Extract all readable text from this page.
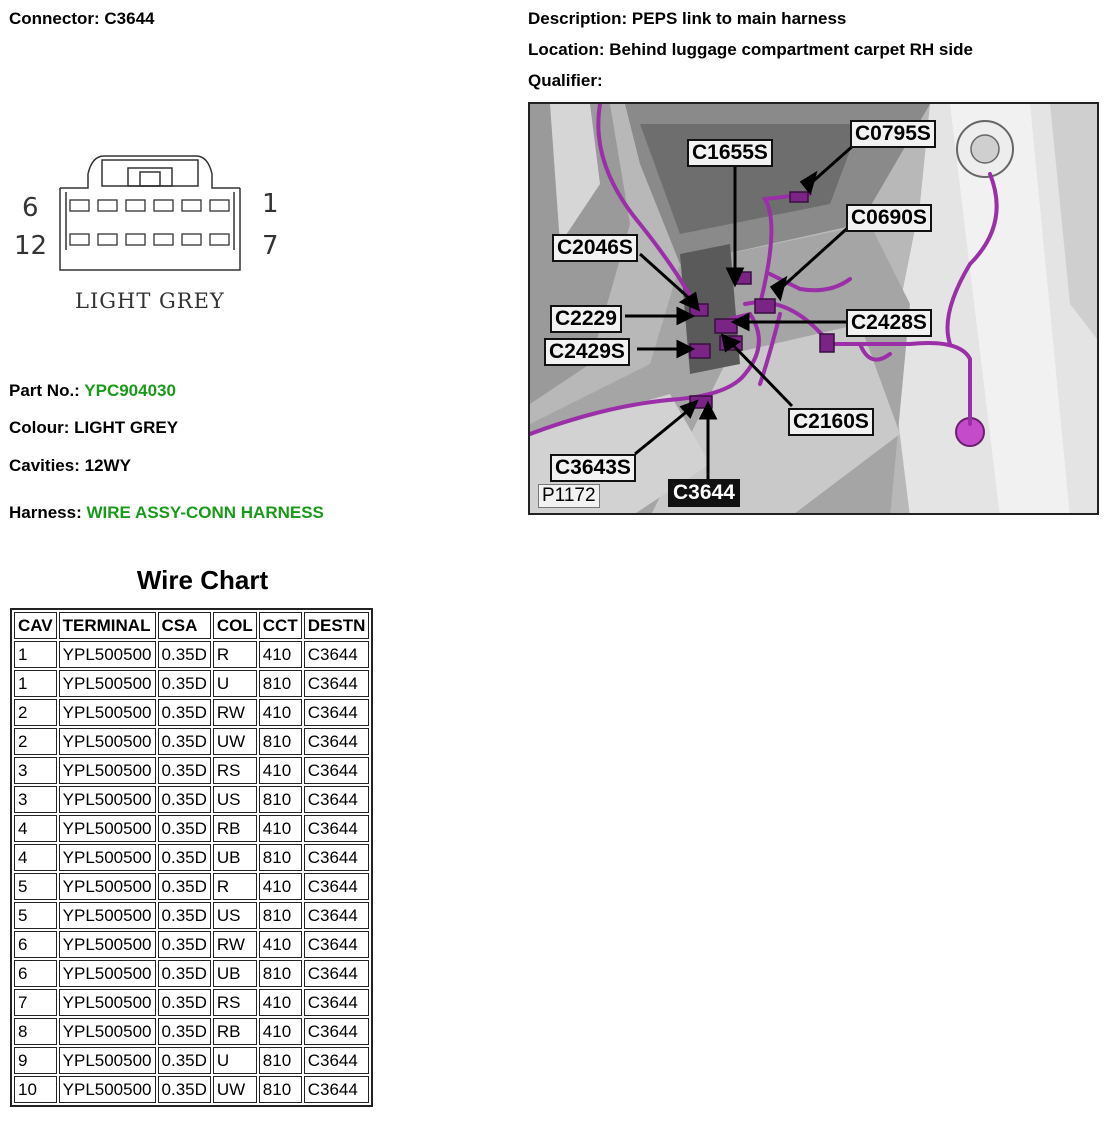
Connector: C3644
6
12
1
7
LIGHT GREY
Part No.: YPC904030
Colour: LIGHT GREY
Cavities: 12WY
Harness: WIRE ASSY-CONN HARNESS
Description: PEPS link to main harness
Location: Behind luggage compartment carpet RH side
Qualifier:
C1655S
C0795S
C0690S
C2046S
C2229
C2429S
C2428S
C2160S
C3643S
C3644
P1172
Wire Chart
CAV	TERMINAL	CSA	COL	CCT	DESTN
1	YPL500500	0.35D	R	410	C3644
1	YPL500500	0.35D	U	810	C3644
2	YPL500500	0.35D	RW	410	C3644
2	YPL500500	0.35D	UW	810	C3644
3	YPL500500	0.35D	RS	410	C3644
3	YPL500500	0.35D	US	810	C3644
4	YPL500500	0.35D	RB	410	C3644
4	YPL500500	0.35D	UB	810	C3644
5	YPL500500	0.35D	R	410	C3644
5	YPL500500	0.35D	US	810	C3644
6	YPL500500	0.35D	RW	410	C3644
6	YPL500500	0.35D	UB	810	C3644
7	YPL500500	0.35D	RS	410	C3644
8	YPL500500	0.35D	RB	410	C3644
9	YPL500500	0.35D	U	810	C3644
10	YPL500500	0.35D	UW	810	C3644
